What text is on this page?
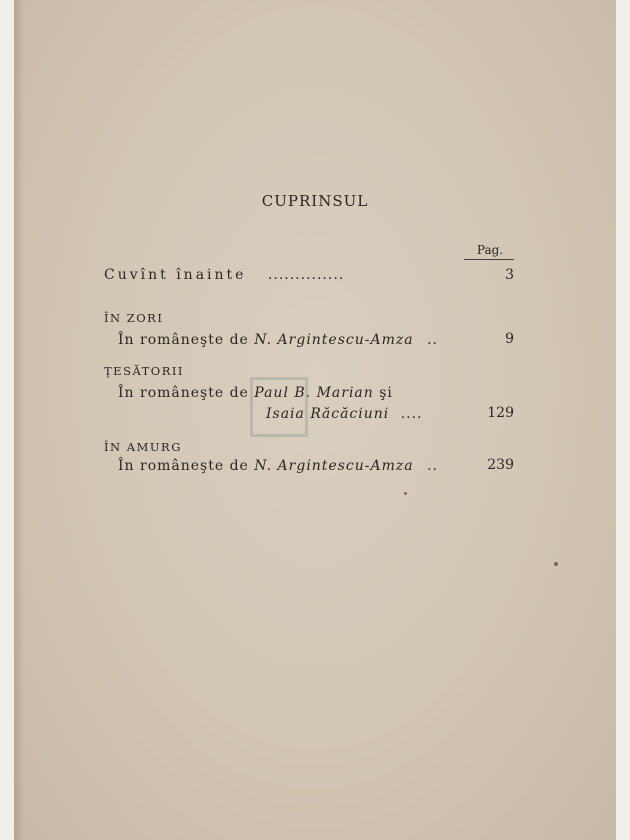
CUPRINSUL
Pag.
Cuvînt înainte ..............	3
ÎN ZORI
În româneşte de N. Argintescu-Amza ..	9
ŢESĂTORII
În româneşte de Paul B. Marian şi
Isaia Răcăciuni ....	129
ÎN AMURG
În româneşte de N. Argintescu-Amza ..	239
